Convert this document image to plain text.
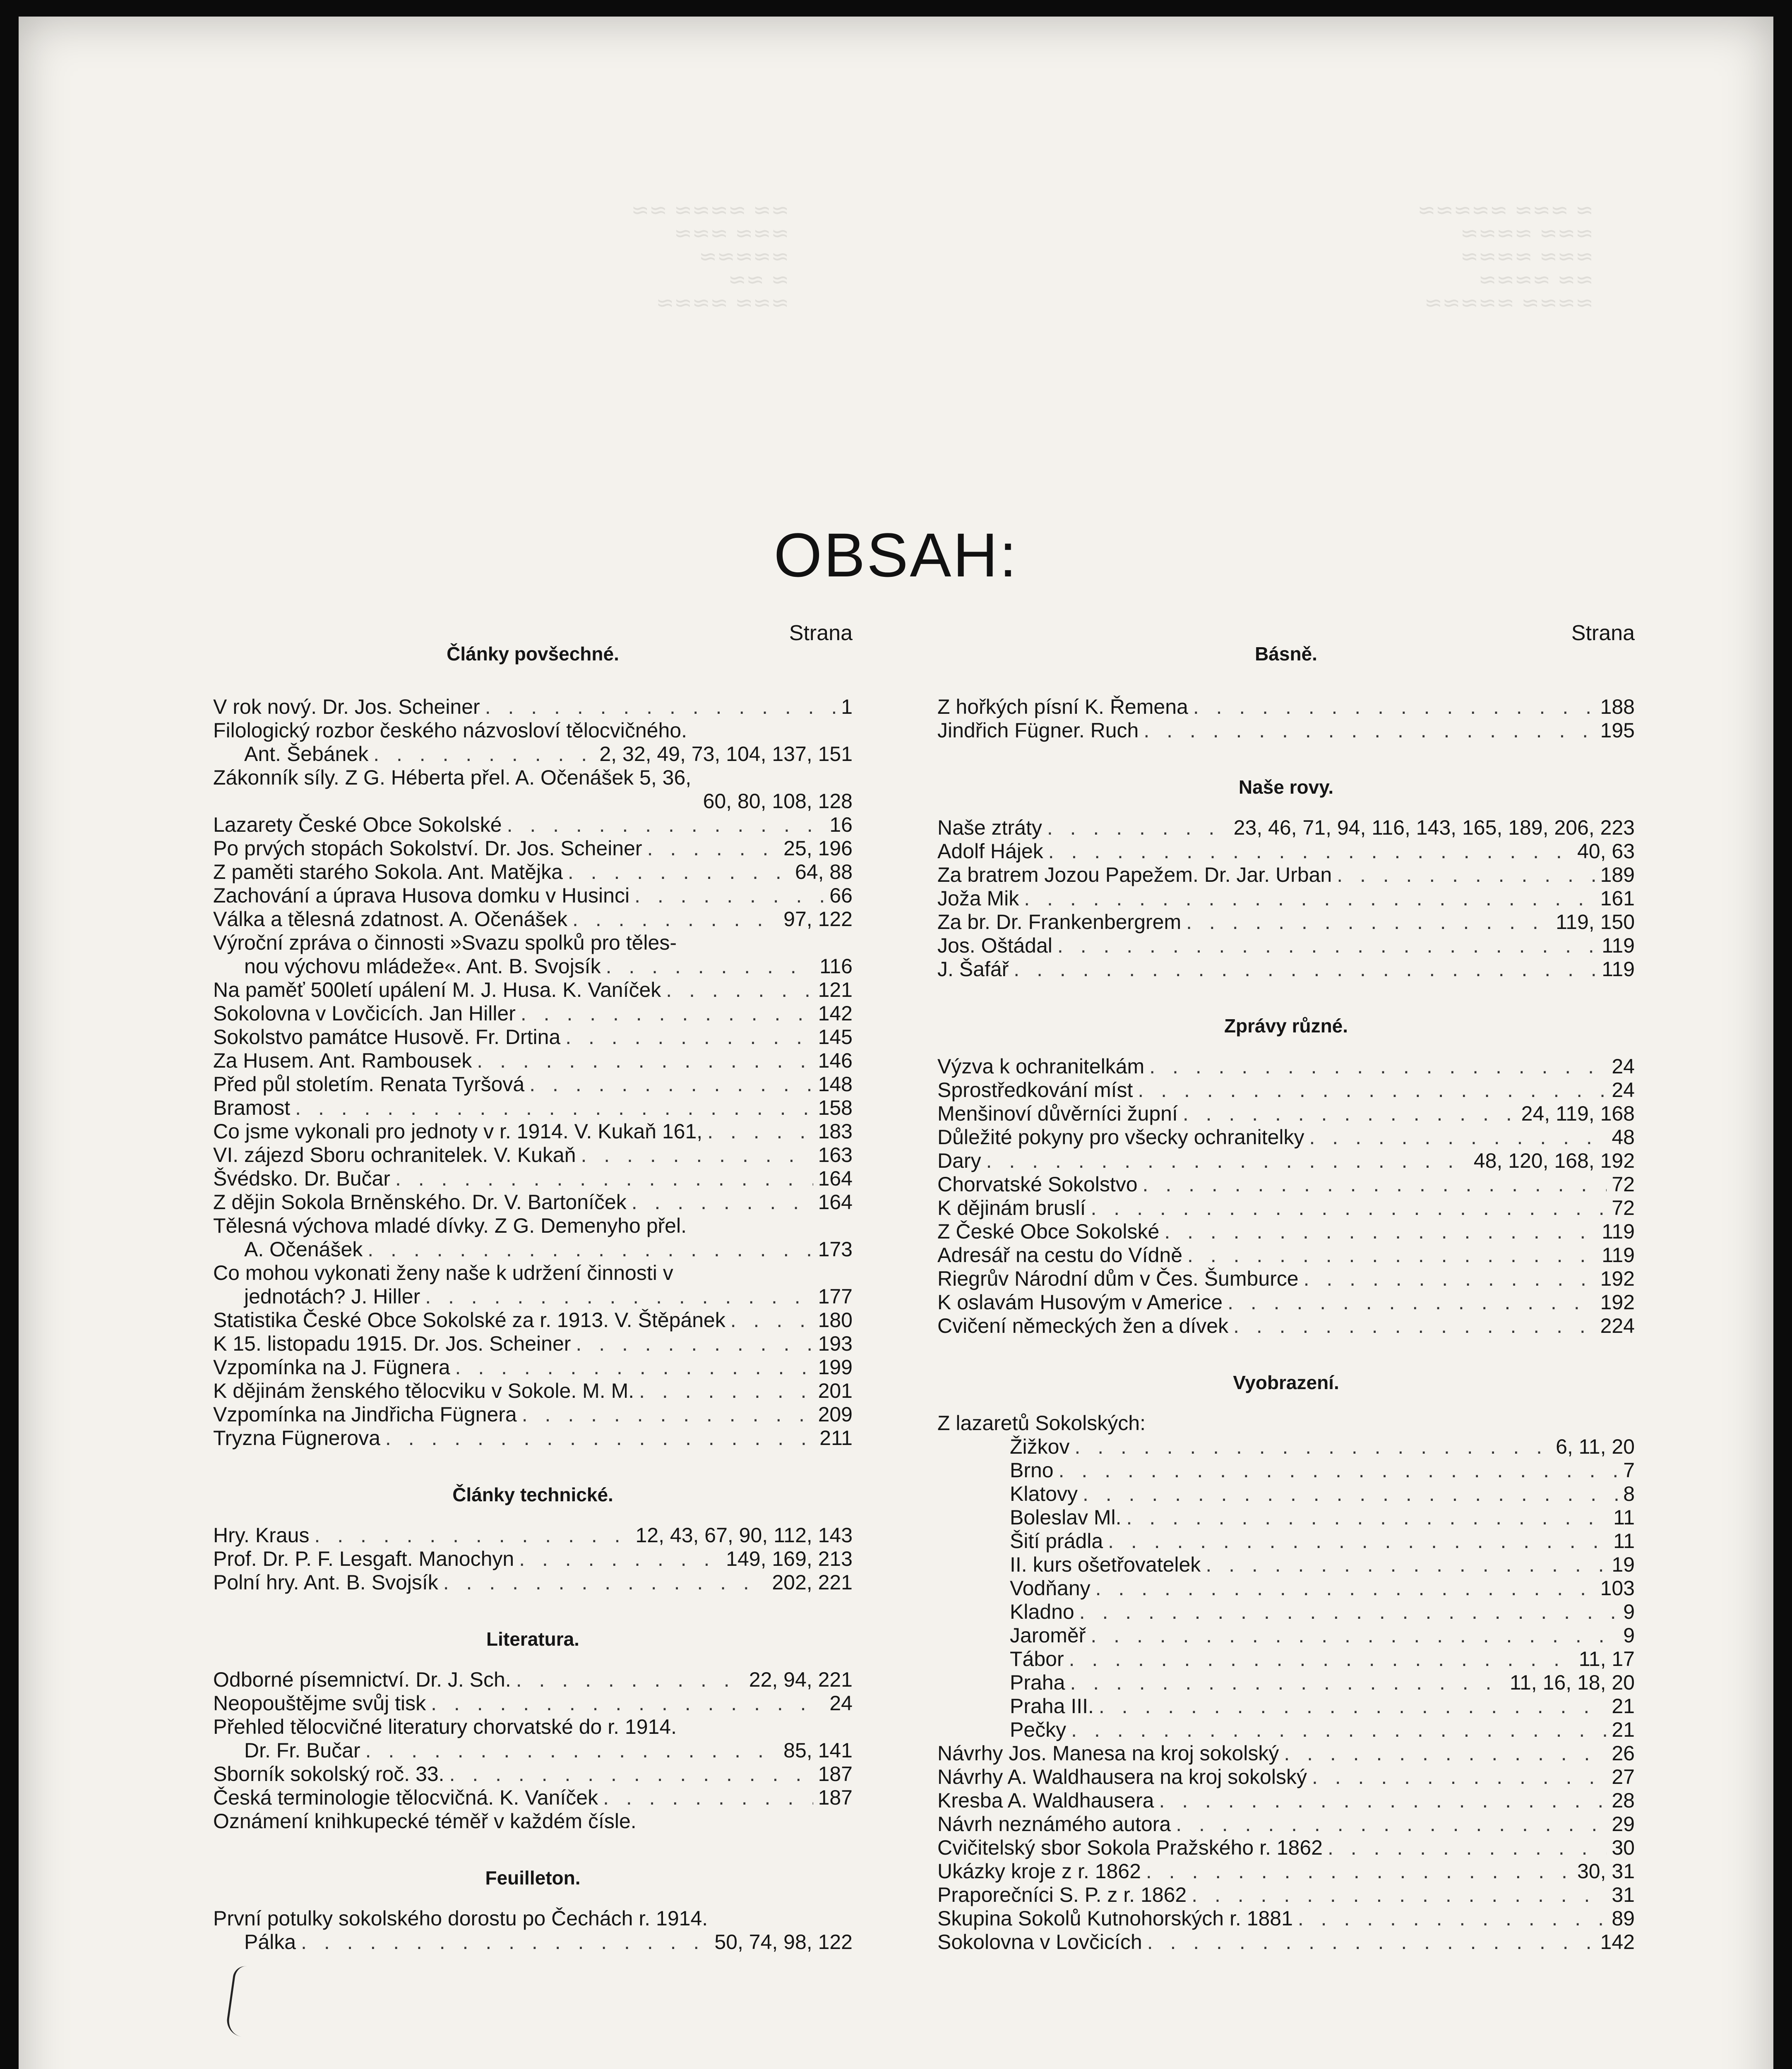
≈ ≈≈≈ ≈≈≈≈≈
≈≈≈ ≈≈≈≈
≈≈≈ ≈≈≈≈
≈≈ ≈≈≈≈
≈≈≈≈ ≈≈≈≈≈
≈≈ ≈≈≈≈ ≈≈
≈≈≈ ≈≈≈
≈≈≈≈≈
≈ ≈≈
≈≈≈ ≈≈≈≈
OBSAH:
Strana
Články povšechné.
V rok nový. Dr. Jos. Scheiner . . .	1
Filologický rozbor českého názvosloví tělocvičného.
Ant. Šebánek . . .	2, 32, 49, 73, 104, 137, 151
Zákonník síly. Z G. Héberta přel. A. Očenášek 5, 36,
60, 80, 108, 128
Lazarety České Obce Sokolské . . .	16
Po prvých stopách Sokolství. Dr. Jos. Scheiner . . .	25, 196
Z paměti starého Sokola. Ant. Matějka . . .	64, 88
Zachování a úprava Husova domku v Husinci . . .	66
Válka a tělesná zdatnost. A. Očenášek . . .	97, 122
Výroční zpráva o činnosti »Svazu spolků pro těles-
nou výchovu mládeže«. Ant. B. Svojsík . . .	116
Na paměť 500letí upálení M. J. Husa. K. Vaníček . . .	121
Sokolovna v Lovčicích. Jan Hiller . . .	142
Sokolstvo památce Husově. Fr. Drtina . . .	145
Za Husem. Ant. Rambousek . . .	146
Před půl stoletím. Renata Tyršová . . .	148
Bramost . . .	158
Co jsme vykonali pro jednoty v r. 1914. V. Kukaň 161, . . .	183
VI. zájezd Sboru ochranitelek. V. Kukaň . . .	163
Švédsko. Dr. Bučar . . .	164
Z dějin Sokola Brněnského. Dr. V. Bartoníček . . .	164
Tělesná výchova mladé dívky. Z G. Demenyho přel.
A. Očenášek . . .	173
Co mohou vykonati ženy naše k udržení činnosti v
jednotách? J. Hiller . . .	177
Statistika České Obce Sokolské za r. 1913. V. Štěpánek . . .	180
K 15. listopadu 1915. Dr. Jos. Scheiner . . .	193
Vzpomínka na J. Fügnera . . .	199
K dějinám ženského tělocviku v Sokole. M. M. . . .	201
Vzpomínka na Jindřicha Fügnera . . .	209
Tryzna Fügnerova . . .	211
Články technické.
Hry. Kraus . . .	12, 43, 67, 90, 112, 143
Prof. Dr. P. F. Lesgaft. Manochyn . . .	149, 169, 213
Polní hry. Ant. B. Svojsík . . .	202, 221
Literatura.
Odborné písemnictví. Dr. J. Sch. . . .	22, 94, 221
Neopouštějme svůj tisk . . .	24
Přehled tělocvičné literatury chorvatské do r. 1914.
Dr. Fr. Bučar . . .	85, 141
Sborník sokolský roč. 33. . . .	187
Česká terminologie tělocvičná. K. Vaníček . . .	187
Oznámení knihkupecké téměř v každém čísle.
Feuilleton.
První potulky sokolského dorostu po Čechách r. 1914.
Pálka . . .	50, 74, 98, 122
Strana
Básně.
Z hořkých písní K. Řemena . . .	188
Jindřich Fügner. Ruch . . .	195
Naše rovy.
Naše ztráty . . .	23, 46, 71, 94, 116, 143, 165, 189, 206, 223
Adolf Hájek . . .	40, 63
Za bratrem Jozou Papežem. Dr. Jar. Urban . . .	189
Joža Mik . . .	161
Za br. Dr. Frankenbergrem . . .	119, 150
Jos. Oštádal . . .	119
J. Šafář . . .	119
Zprávy různé.
Výzva k ochranitelkám . . .	24
Sprostředkování míst . . .	24
Menšinoví důvěrníci župní . . .	24, 119, 168
Důležité pokyny pro všecky ochranitelky . . .	48
Dary . . .	48, 120, 168, 192
Chorvatské Sokolstvo . . .	72
K dějinám bruslí . . .	72
Z České Obce Sokolské . . .	119
Adresář na cestu do Vídně . . .	119
Riegrův Národní dům v Čes. Šumburce . . .	192
K oslavám Husovým v Americe . . .	192
Cvičení německých žen a dívek . . .	224
Vyobrazení.
Z lazaretů Sokolských:
Žižkov . . .	6, 11, 20
Brno . . .	7
Klatovy . . .	8
Boleslav Ml. . . .	11
Šití prádla . . .	11
II. kurs ošetřovatelek . . .	19
Vodňany . . .	103
Kladno . . .	9
Jaroměř . . .	9
Tábor . . .	11, 17
Praha . . .	11, 16, 18, 20
Praha III. . . .	21
Pečky . . .	21
Návrhy Jos. Manesa na kroj sokolský . . .	26
Návrhy A. Waldhausera na kroj sokolský . . .	27
Kresba A. Waldhausera . . .	28
Návrh neznámého autora . . .	29
Cvičitelský sbor Sokola Pražského r. 1862 . . .	30
Ukázky kroje z r. 1862 . . .	30, 31
Praporečníci S. P. z r. 1862 . . .	31
Skupina Sokolů Kutnohorských r. 1881 . . .	89
Sokolovna v Lovčicích . . .	142
